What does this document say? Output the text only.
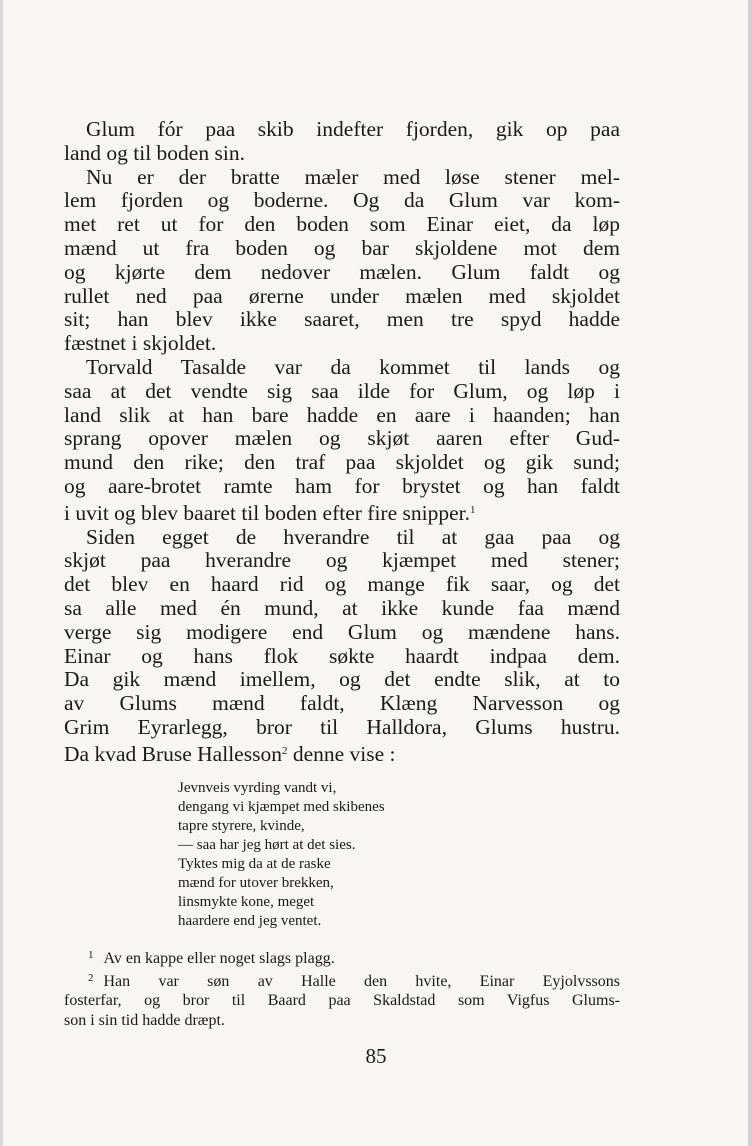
Glum fór paa skib indefter fjorden, gik op paa
land og til boden sin.

Nu er der bratte mæler med løse stener mel-
lem fjorden og boderne. Og da Glum var kom-
met ret ut for den boden som Einar eiet, da løp
mænd ut fra boden og bar skjoldene mot dem
og kjørte dem nedover mælen. Glum faldt og
rullet ned paa ørerne under mælen med skjoldet
sit; han blev ikke saaret, men tre spyd hadde
fæstnet i skjoldet.

Torvald Tasalde var da kommet til lands og
saa at det vendte sig saa ilde for Glum, og løp i
land slik at han bare hadde en aare i haanden; han
sprang opover mælen og skjøt aaren efter Gud-
mund den rike; den traf paa skjoldet og gik sund;
og aare-brotet ramte ham for brystet og han faldt
i uvit og blev baaret til boden efter fire snipper.$^1$

Siden egget de hverandre til at gaa paa og
skjøt paa hverandre og kjæmpet med stener;
det blev en haard rid og mange fik saar, og det
sa alle med én mund, at ikke kunde faa mænd
verge sig modigere end Glum og mændene hans.
Einar og hans flok søkte haardt indpaa dem.
Da gik mænd imellem, og det endte slik, at to
av Glums mænd faldt, Klæng Narvesson og
Grim Eyrarlegg, bror til Halldora, Glums hustru.

Da kvad Bruse Hallesson$^2$ denne vise :

Jevnveis vyrding vandt vi,
dengang vi kjæmpet med skibenes
tapre styrere, kvinde,
— saa har jeg hørt at det sies.
Tyktes mig da at de raske
mænd for utover brekken,
linsmykte kone, meget
haardere end jeg ventet.
$^1$ Av en kappe eller noget slags plagg.
$^2$ Han var søn av Halle den hvite, Einar Eyjolvssons
fosterfar, og bror til Baard paa Skaldstad som Vigfus Glums-
son i sin tid hadde dræpt.
85
